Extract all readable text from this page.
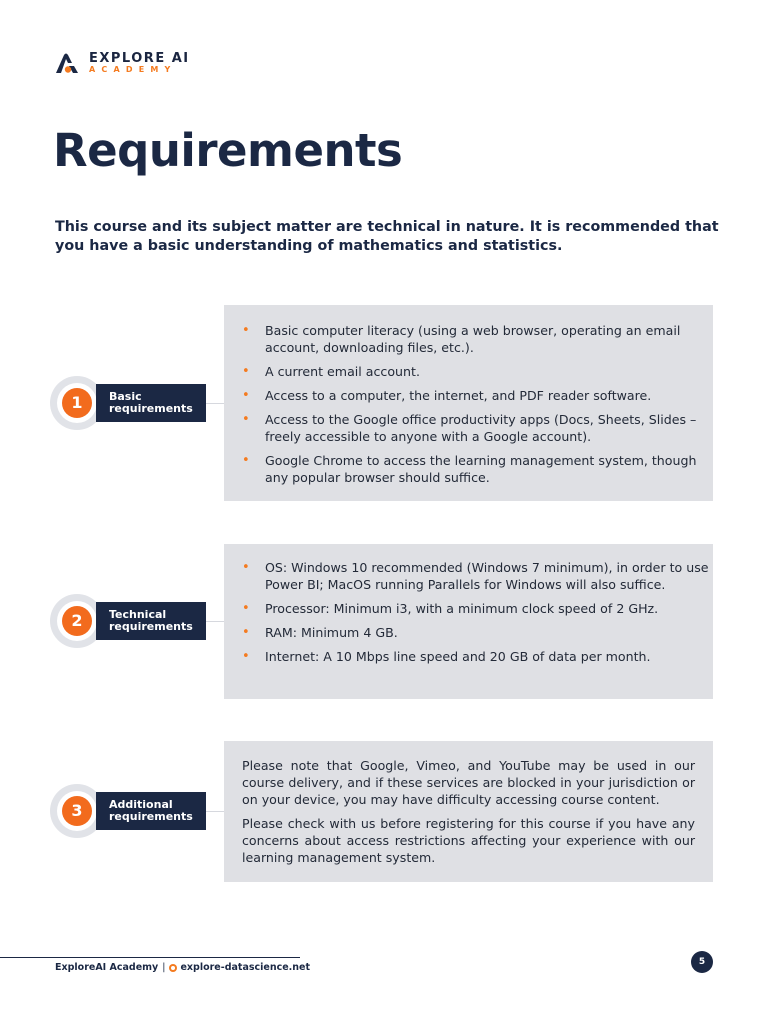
EXPLORE AI
ACADEMY
Requirements

This course and its subject matter are technical in nature. It is recommended that you have a basic understanding of mathematics and statistics.

• Basic computer literacy (using a web browser, operating an email account, downloading files, etc.).
• A current email account.
• Access to a computer, the internet, and PDF reader software.
• Access to the Google office productivity apps (Docs, Sheets, Slides – freely accessible to anyone with a Google account).
• Google Chrome to access the learning management system, though any popular browser should suffice.
1	Basic
requirements
• OS: Windows 10 recommended (Windows 7 minimum), in order to use Power BI; MacOS running Parallels for Windows will also suffice.
• Processor: Minimum i3, with a minimum clock speed of 2 GHz.
• RAM: Minimum 4 GB.
• Internet: A 10 Mbps line speed and 20 GB of data per month.
2	Technical
requirements

Please note that Google, Vimeo, and YouTube may be used in our course delivery, and if these services are blocked in your jurisdiction or on your device, you may have difficulty accessing course content.

Please check with us before registering for this course if you have any concerns about access restrictions affecting your experience with our learning management system.

3	Additional
requirements
ExploreAI Academy | explore-datascience.net	5
